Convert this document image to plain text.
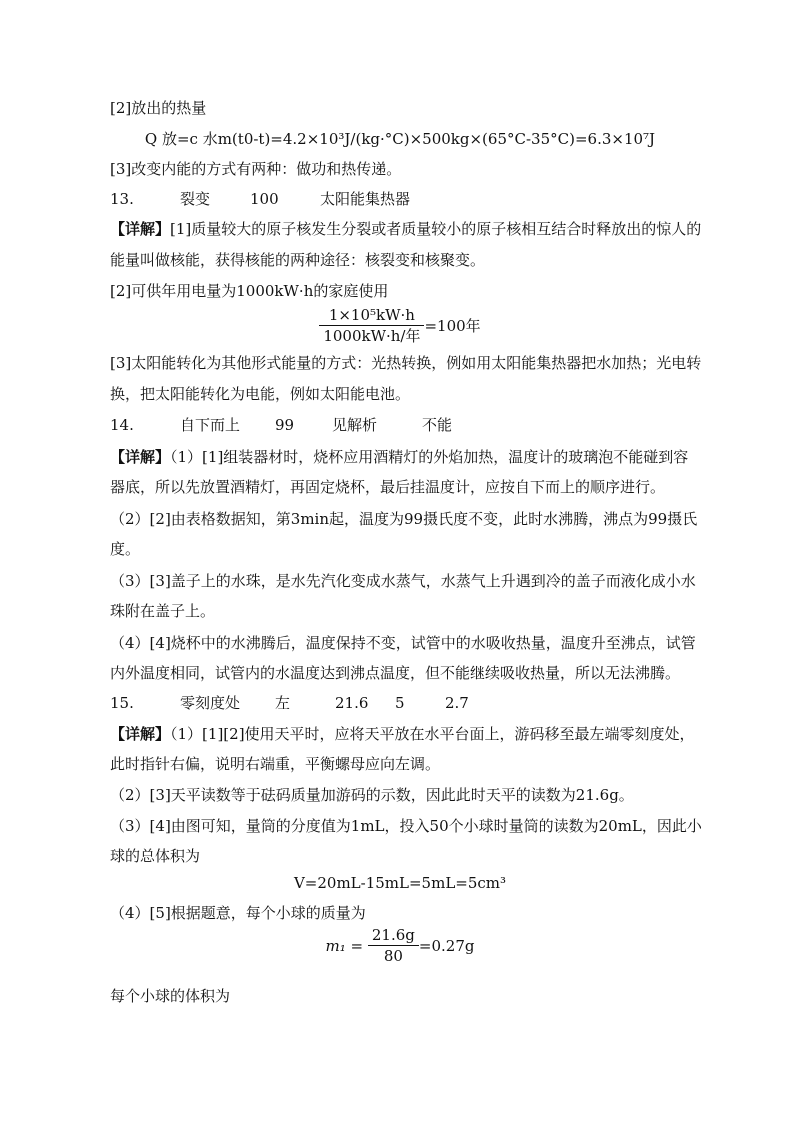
[2]放出的热量
Q 放=c 水m(t0-t)=4.2×10³J/(kg·°C)×500kg×(65°C-35°C)=6.3×10⁷J
[3]改变内能的方式有两种：做功和热传递。
13.	裂变	100	太阳能集热器
【详解】[1]质量较大的原子核发生分裂或者质量较小的原子核相互结合时释放出的惊人的
能量叫做核能，获得核能的两种途径：核裂变和核聚变。
[2]可供年用电量为1000kW·h的家庭使用
$\frac{\text{1×10⁵kW·h}}{\text{1000kW·h/年}} =100$年
[3]太阳能转化为其他形式能量的方式：光热转换，例如用太阳能集热器把水加热；光电转
换，把太阳能转化为电能，例如太阳能电池。
14.	自下而上 99	见解析	不能
【详解】（1）[1]组装器材时，烧杯应用酒精灯的外焰加热，温度计的玻璃泡不能碰到容
器底，所以先放置酒精灯，再固定烧杯，最后挂温度计，应按自下而上的顺序进行。
（2）[2]由表格数据知，第3min起，温度为99摄氏度不变，此时水沸腾，沸点为99摄氏
度。
（3）[3]盖子上的水珠，是水先汽化变成水蒸气，水蒸气上升遇到冷的盖子而液化成小水
珠附在盖子上。
（4）[4]烧杯中的水沸腾后，温度保持不变，试管中的水吸收热量，温度升至沸点，试管
内外温度相同，试管内的水温度达到沸点温度，但不能继续吸收热量，所以无法沸腾。
15.	零刻度处 左	21.6 5	2.7
【详解】（1）[1][2]使用天平时，应将天平放在水平台面上，游码移至最左端零刻度处，
此时指针右偏，说明右端重，平衡螺母应向左调。
（2）[3]天平读数等于砝码质量加游码的示数，因此此时天平的读数为21.6g。
（3）[4]由图可知，量筒的分度值为1mL，投入50个小球时量筒的读数为20mL，因此小
球的总体积为
V=20mL-15mL=5mL=5cm³
（4）[5]根据题意，每个小球的质量为
$m_1 = \frac{21.6g}{80} =0.27g$
每个小球的体积为
